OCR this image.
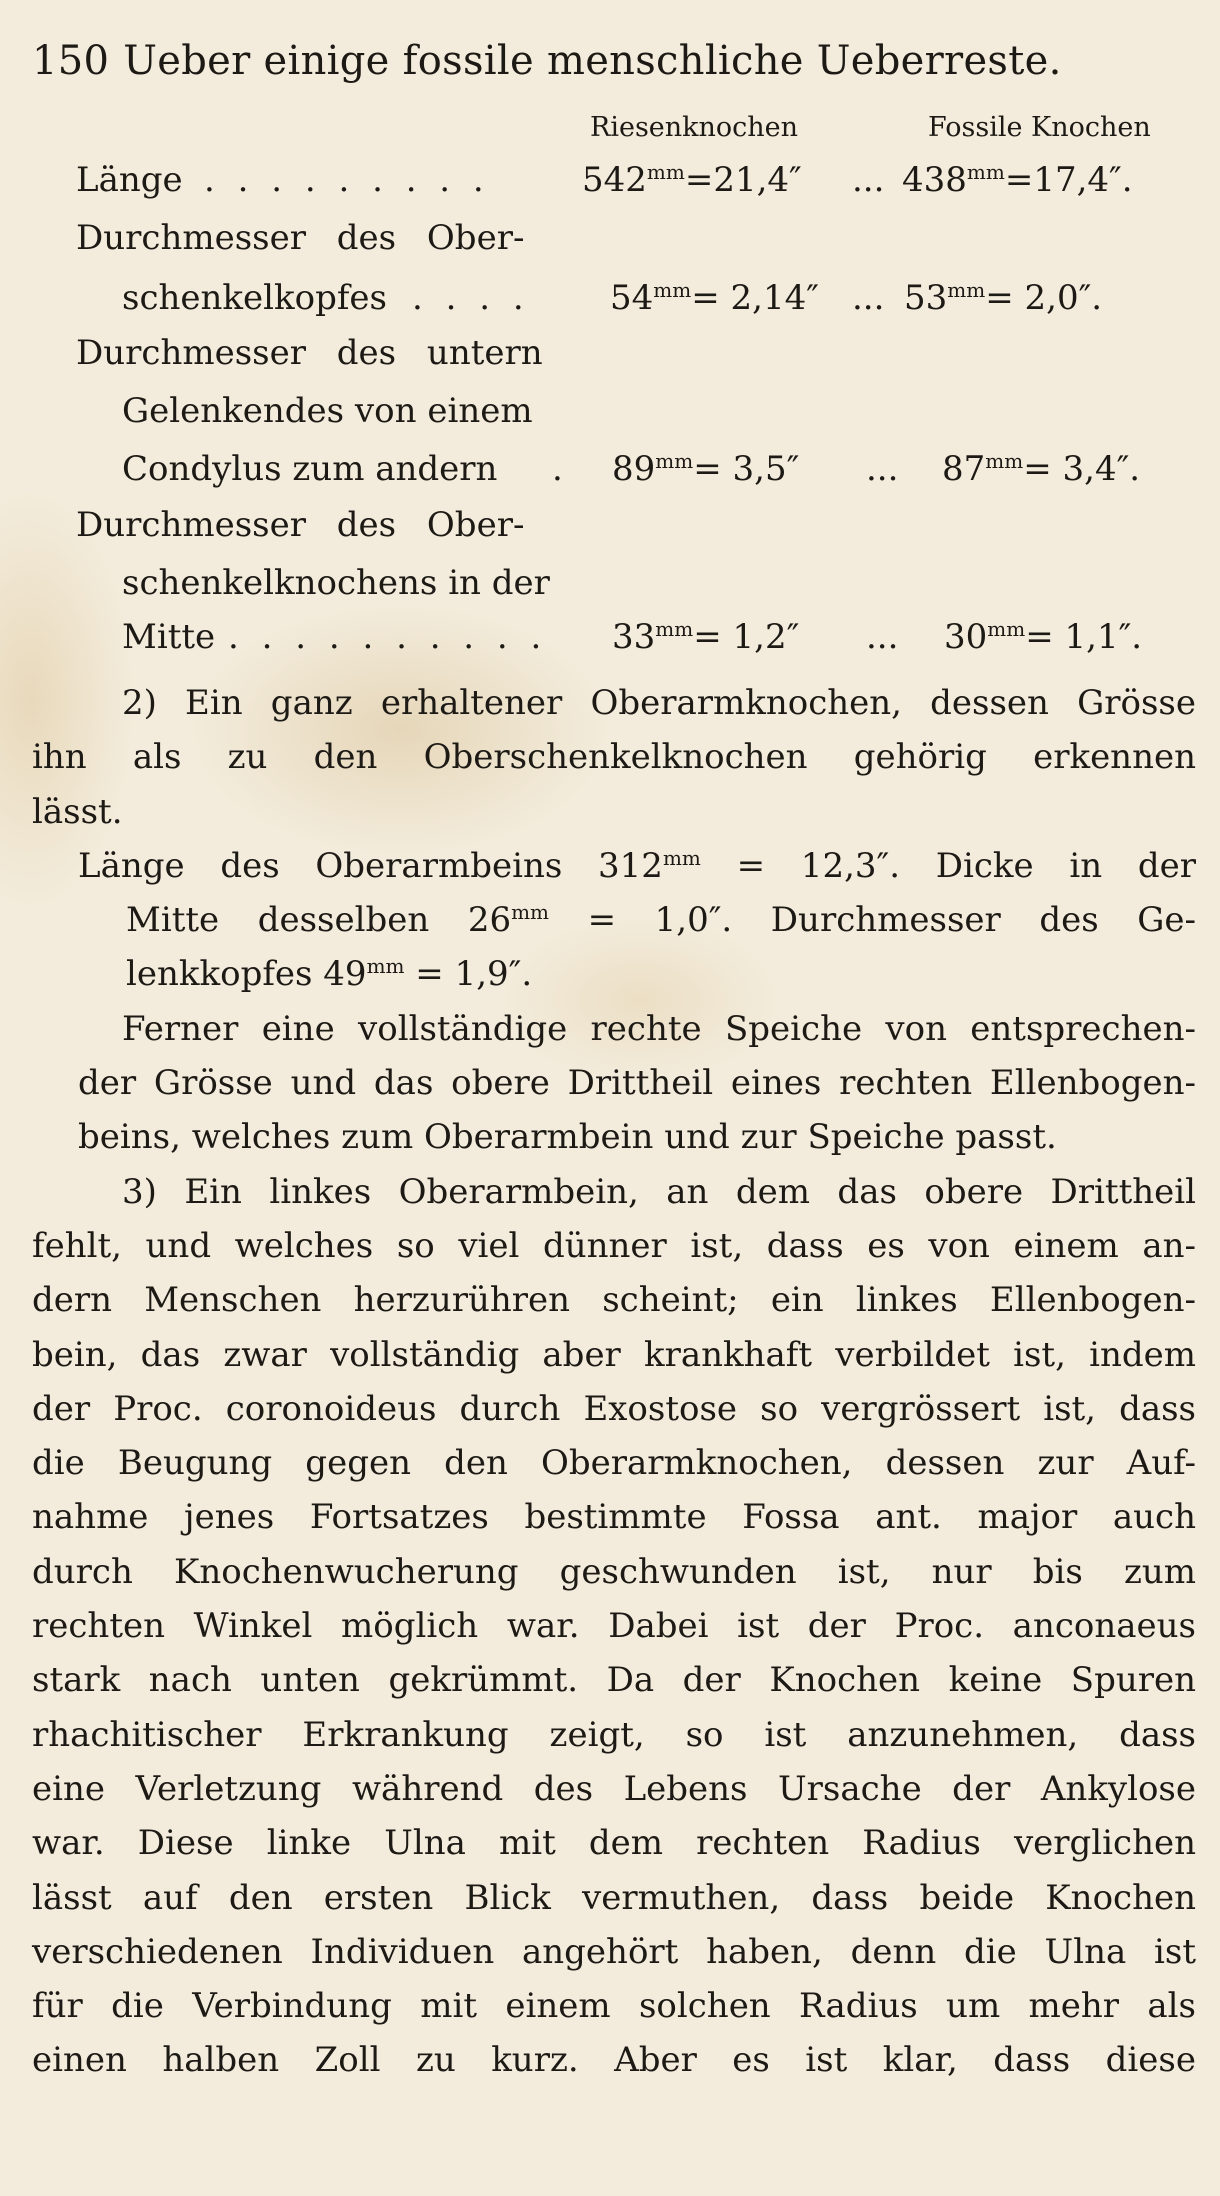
150 Ueber einige fossile menschliche Ueberreste.
Riesenknochen	Fossile Knochen
Länge . . . . . . . . .	$542^{mm}=21,4''$ ... $438^{mm}=17,4''$.
Durchmesser des Ober-
schenkelkopfes . . . . $54^{mm}= 2,14''$ ... $53^{mm}= 2,0''$.
Durchmesser des untern
Gelenkendes von einem
Condylus zum andern . $89^{mm}= 3,5''$ ... $87^{mm}= 3,4''$.
Durchmesser des Ober-
schenkelknochens in der
Mitte . . . . . . . . . . $33^{mm}= 1,2''$ ... $30^{mm}= 1,1''$.
2) Ein ganz erhaltener Oberarmknochen, dessen Grösse
ihn als zu den Oberschenkelknochen gehörig erkennen
lässt.
Länge des Oberarmbeins $312^{mm} = 12,3''$. Dicke in der
Mitte desselben $26^{mm} = 1,0''$. Durchmesser des Ge-
lenkkopfes $49^{mm} = 1,9''$.
Ferner eine vollständige rechte Speiche von entsprechen-
der Grösse und das obere Drittheil eines rechten Ellenbogen-
beins, welches zum Oberarmbein und zur Speiche passt.
3) Ein linkes Oberarmbein, an dem das obere Drittheil
fehlt, und welches so viel dünner ist, dass es von einem an-
dern Menschen herzurühren scheint; ein linkes Ellenbogen-
bein, das zwar vollständig aber krankhaft verbildet ist, indem
der Proc. coronoideus durch Exostose so vergrössert ist, dass
die Beugung gegen den Oberarmknochen, dessen zur Auf-
nahme jenes Fortsatzes bestimmte Fossa ant. major auch
durch Knochenwucherung geschwunden ist, nur bis zum
rechten Winkel möglich war. Dabei ist der Proc. anconaeus
stark nach unten gekrümmt. Da der Knochen keine Spuren
rhachitischer Erkrankung zeigt, so ist anzunehmen, dass
eine Verletzung während des Lebens Ursache der Ankylose
war. Diese linke Ulna mit dem rechten Radius verglichen
lässt auf den ersten Blick vermuthen, dass beide Knochen
verschiedenen Individuen angehört haben, denn die Ulna ist
für die Verbindung mit einem solchen Radius um mehr als
einen halben Zoll zu kurz. Aber es ist klar, dass diese
